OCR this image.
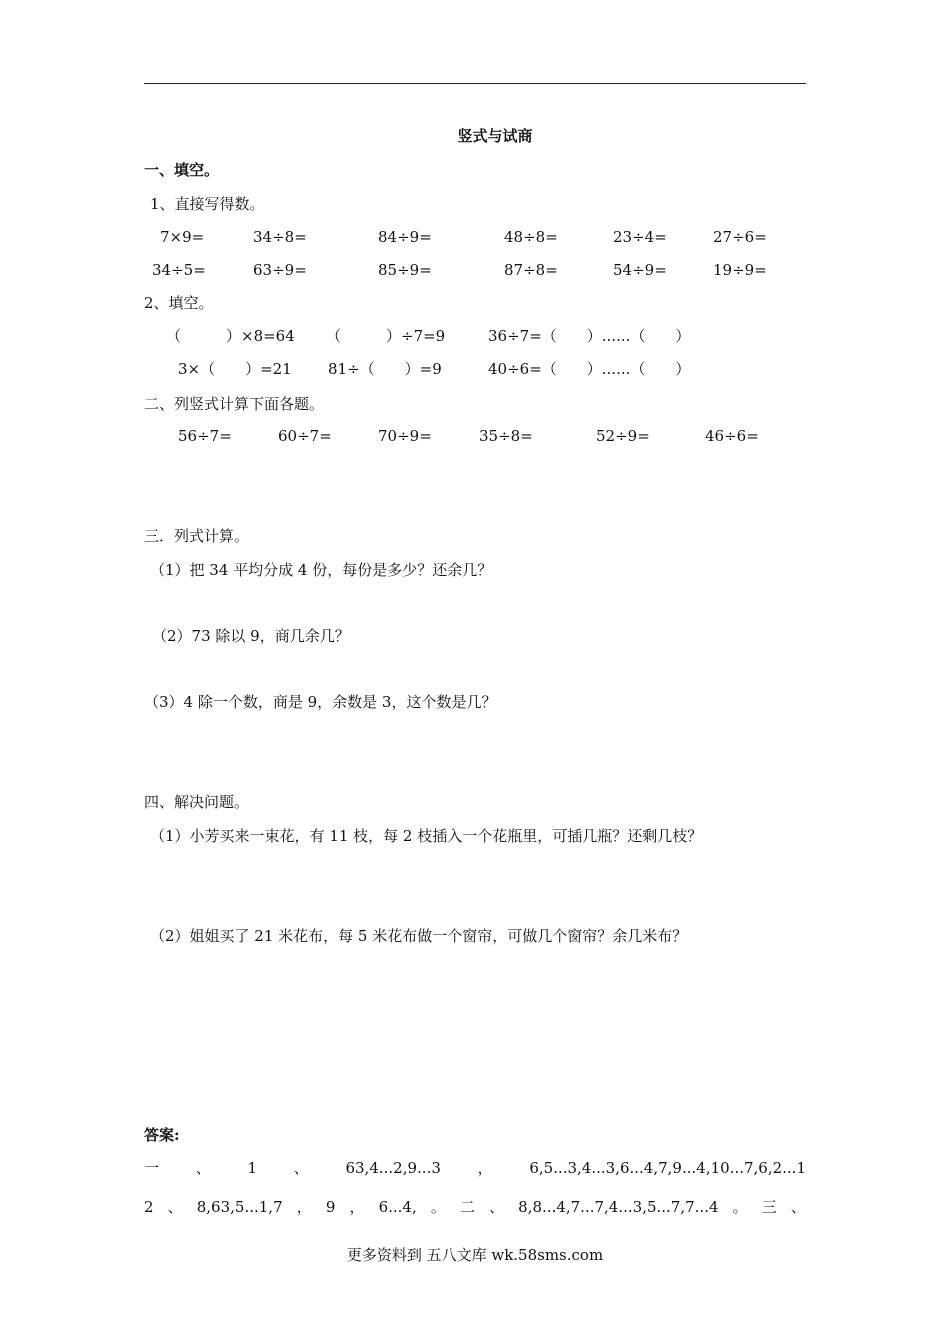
竖式与试商
一、填空。
1、直接写得数。
7×9=	34÷8=	84÷9=	48÷8=	23÷4=	27÷6=
34÷5=	63÷9=	85÷9=	87÷8=	54÷9=	19÷9=
2、填空。
（　　　）×8=64 （　　　）÷7=9	36÷7=（　　）......（　　）
3×（　　）=21 81÷（　　）=9	40÷6=（　　）......（　　）
二、列竖式计算下面各题。
56÷7=	60÷7=	70÷9=	35÷8=	52÷9=	46÷6=
三．列式计算。
（1）把 34 平均分成 4 份，每份是多少？还余几？
（2）73 除以 9，商几余几？
（3）4 除一个数，商是 9，余数是 3，这个数是几？
四、解决问题。
（1）小芳买来一束花，有 11 枝，每 2 枝插入一个花瓶里，可插几瓶？还剩几枝？
（2）姐姐买了 21 米花布，每 5 米花布做一个窗帘，可做几个窗帘？余几米布？
答案:
一 、 1 、 63,4...2,9...3 ， 6,5...3,4...3,6...4,7,9...4,10...7,6,2...1
2 、 8,63,5...1,7 ， 9 ， 6...4, 。 二 、 8,8...4,7...7,4...3,5...7,7...4 。 三 、
更多资料到 五八文库 wk.58sms.com
